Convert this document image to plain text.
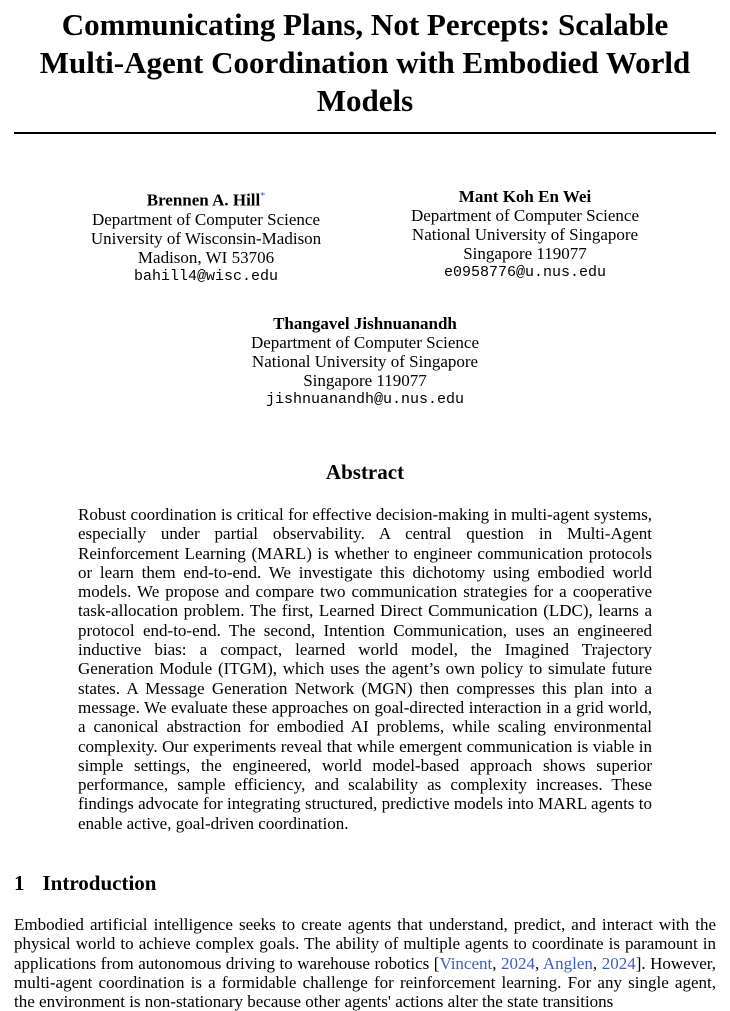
Communicating Plans, Not Percepts: Scalable Multi-Agent Coordination with Embodied World Models
Brennen A. Hill*
Department of Computer Science
University of Wisconsin-Madison
Madison, WI 53706
bahill4@wisc.edu
Mant Koh En Wei
Department of Computer Science
National University of Singapore
Singapore 119077
e0958776@u.nus.edu
Thangavel Jishnuanandh
Department of Computer Science
National University of Singapore
Singapore 119077
jishnuanandh@u.nus.edu
Abstract
Robust coordination is critical for effective decision-making in multi-agent systems, especially under partial observability. A central question in Multi-Agent Reinforcement Learning (MARL) is whether to engineer communication protocols or learn them end-to-end. We investigate this dichotomy using embodied world models. We propose and compare two communication strategies for a cooperative task-allocation problem. The first, Learned Direct Communication (LDC), learns a protocol end-to-end. The second, Intention Communication, uses an engineered inductive bias: a compact, learned world model, the Imagined Trajectory Generation Module (ITGM), which uses the agent’s own policy to simulate future states. A Message Generation Network (MGN) then compresses this plan into a message. We evaluate these approaches on goal-directed interaction in a grid world, a canonical abstraction for embodied AI problems, while scaling environmental complexity. Our experiments reveal that while emergent communication is viable in simple settings, the engineered, world model-based approach shows superior performance, sample efficiency, and scalability as complexity increases. These findings advocate for integrating structured, predictive models into MARL agents to enable active, goal-driven coordination.
1 Introduction
Embodied artificial intelligence seeks to create agents that understand, predict, and interact with the physical world to achieve complex goals. The ability of multiple agents to coordinate is paramount in applications from autonomous driving to warehouse robotics [Vincent, 2024, Anglen, 2024]. However, multi-agent coordination is a formidable challenge for reinforcement learning. For any single agent, the environment is non-stationary because other agents' actions alter the state transitions
